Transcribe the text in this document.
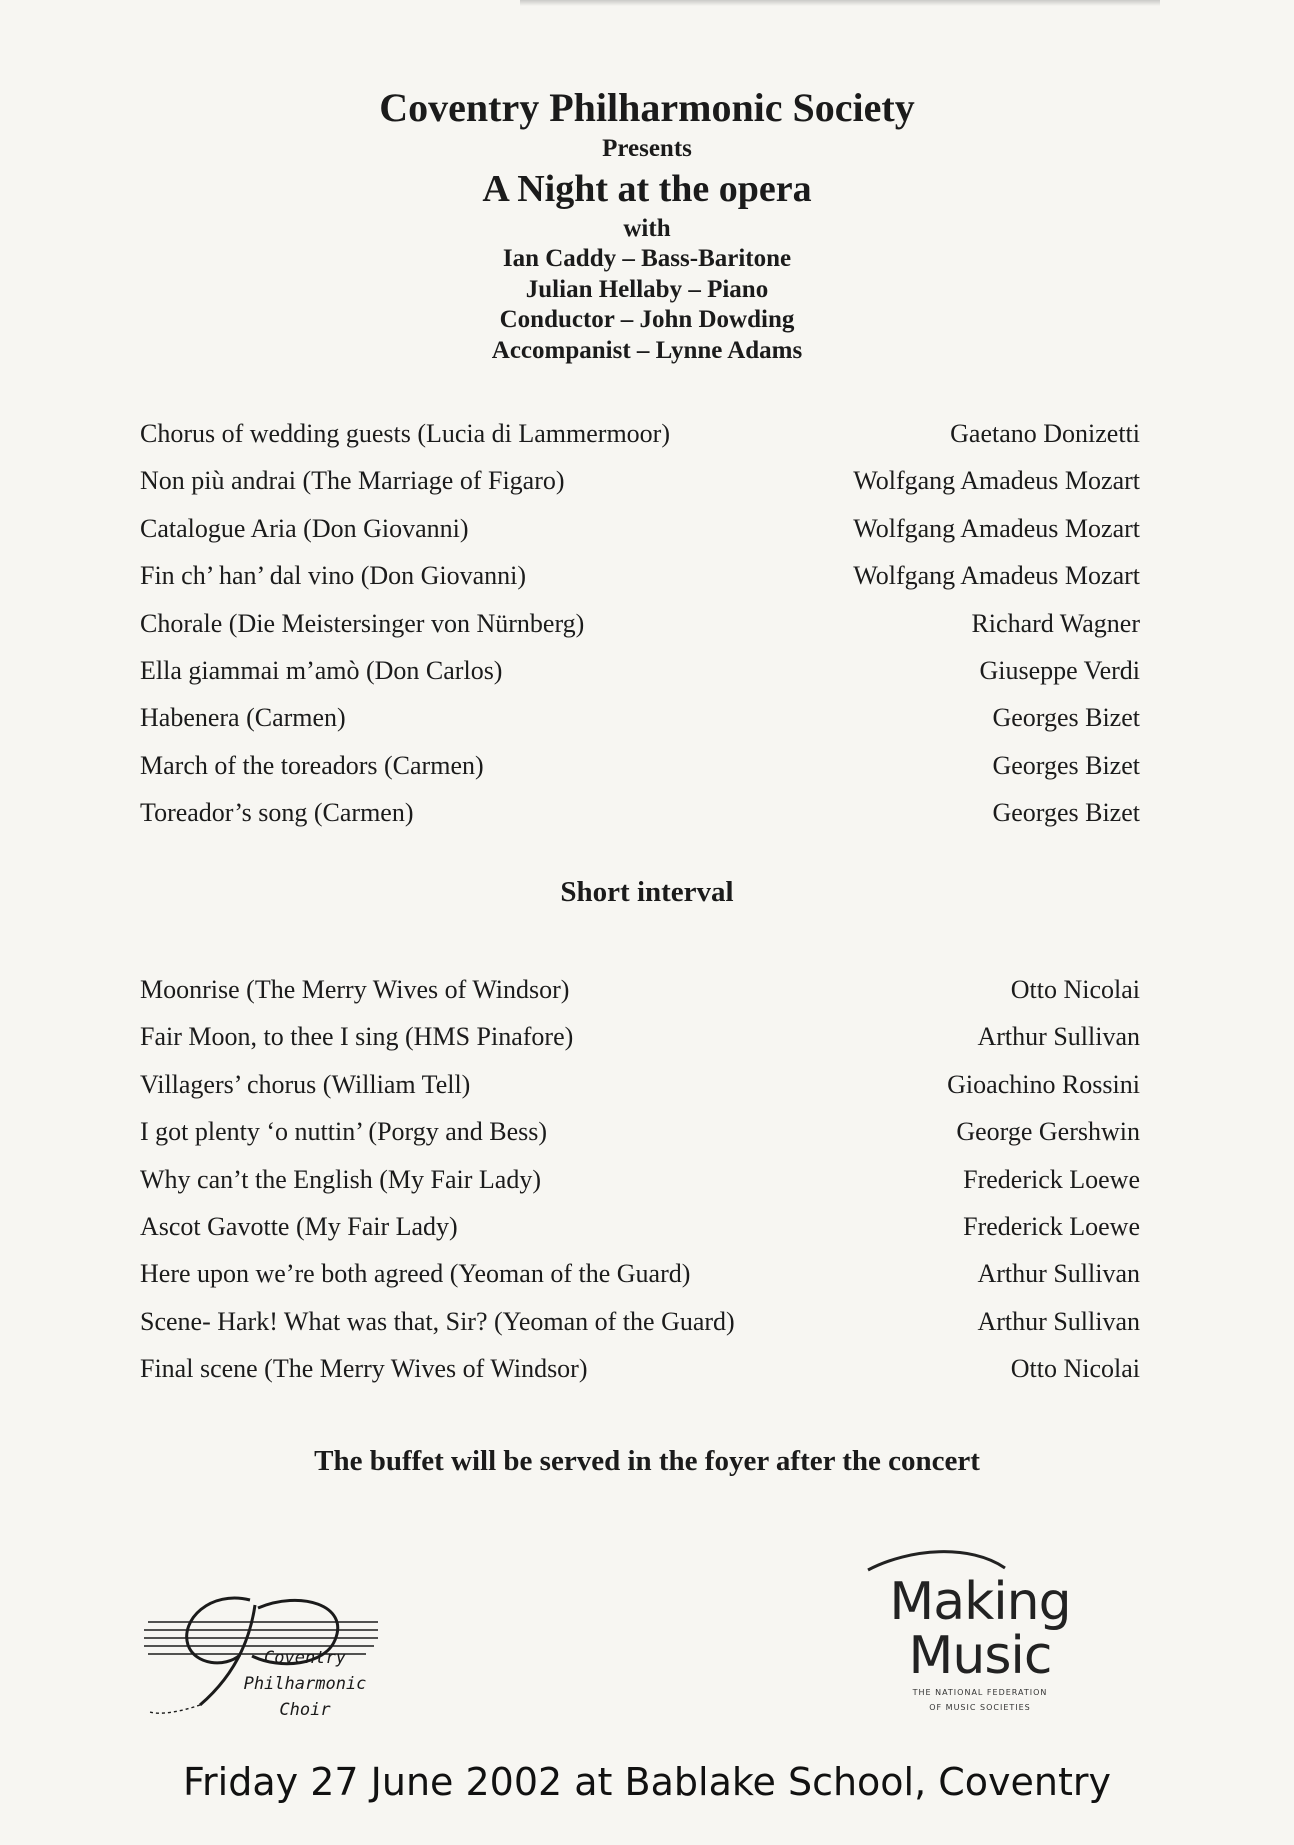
Coventry Philharmonic Society
Presents
A Night at the opera
with
Ian Caddy – Bass-Baritone
Julian Hellaby – Piano
Conductor – John Dowding
Accompanist – Lynne Adams
Chorus of wedding guests (Lucia di Lammermoor)	Gaetano Donizetti
Non più andrai (The Marriage of Figaro)	Wolfgang Amadeus Mozart
Catalogue Aria (Don Giovanni)	Wolfgang Amadeus Mozart
Fin ch’ han’ dal vino (Don Giovanni)	Wolfgang Amadeus Mozart
Chorale (Die Meistersinger von Nürnberg)	Richard Wagner
Ella giammai m’amò (Don Carlos)	Giuseppe Verdi
Habenera (Carmen)	Georges Bizet
March of the toreadors (Carmen)	Georges Bizet
Toreador’s song (Carmen)	Georges Bizet
Short interval
Moonrise (The Merry Wives of Windsor)	Otto Nicolai
Fair Moon, to thee I sing (HMS Pinafore)	Arthur Sullivan
Villagers’ chorus (William Tell)	Gioachino Rossini
I got plenty ‘o nuttin’ (Porgy and Bess)	George Gershwin
Why can’t the English (My Fair Lady)	Frederick Loewe
Ascot Gavotte (My Fair Lady)	Frederick Loewe
Here upon we’re both agreed (Yeoman of the Guard)	Arthur Sullivan
Scene- Hark! What was that, Sir? (Yeoman of the Guard)	Arthur Sullivan
Final scene (The Merry Wives of Windsor)	Otto Nicolai
The buffet will be served in the foyer after the concert
Coventry
Philharmonic
Choir
Making
Music
THE NATIONAL FEDERATION
OF MUSIC SOCIETIES
Friday 27 June 2002 at Bablake School, Coventry
